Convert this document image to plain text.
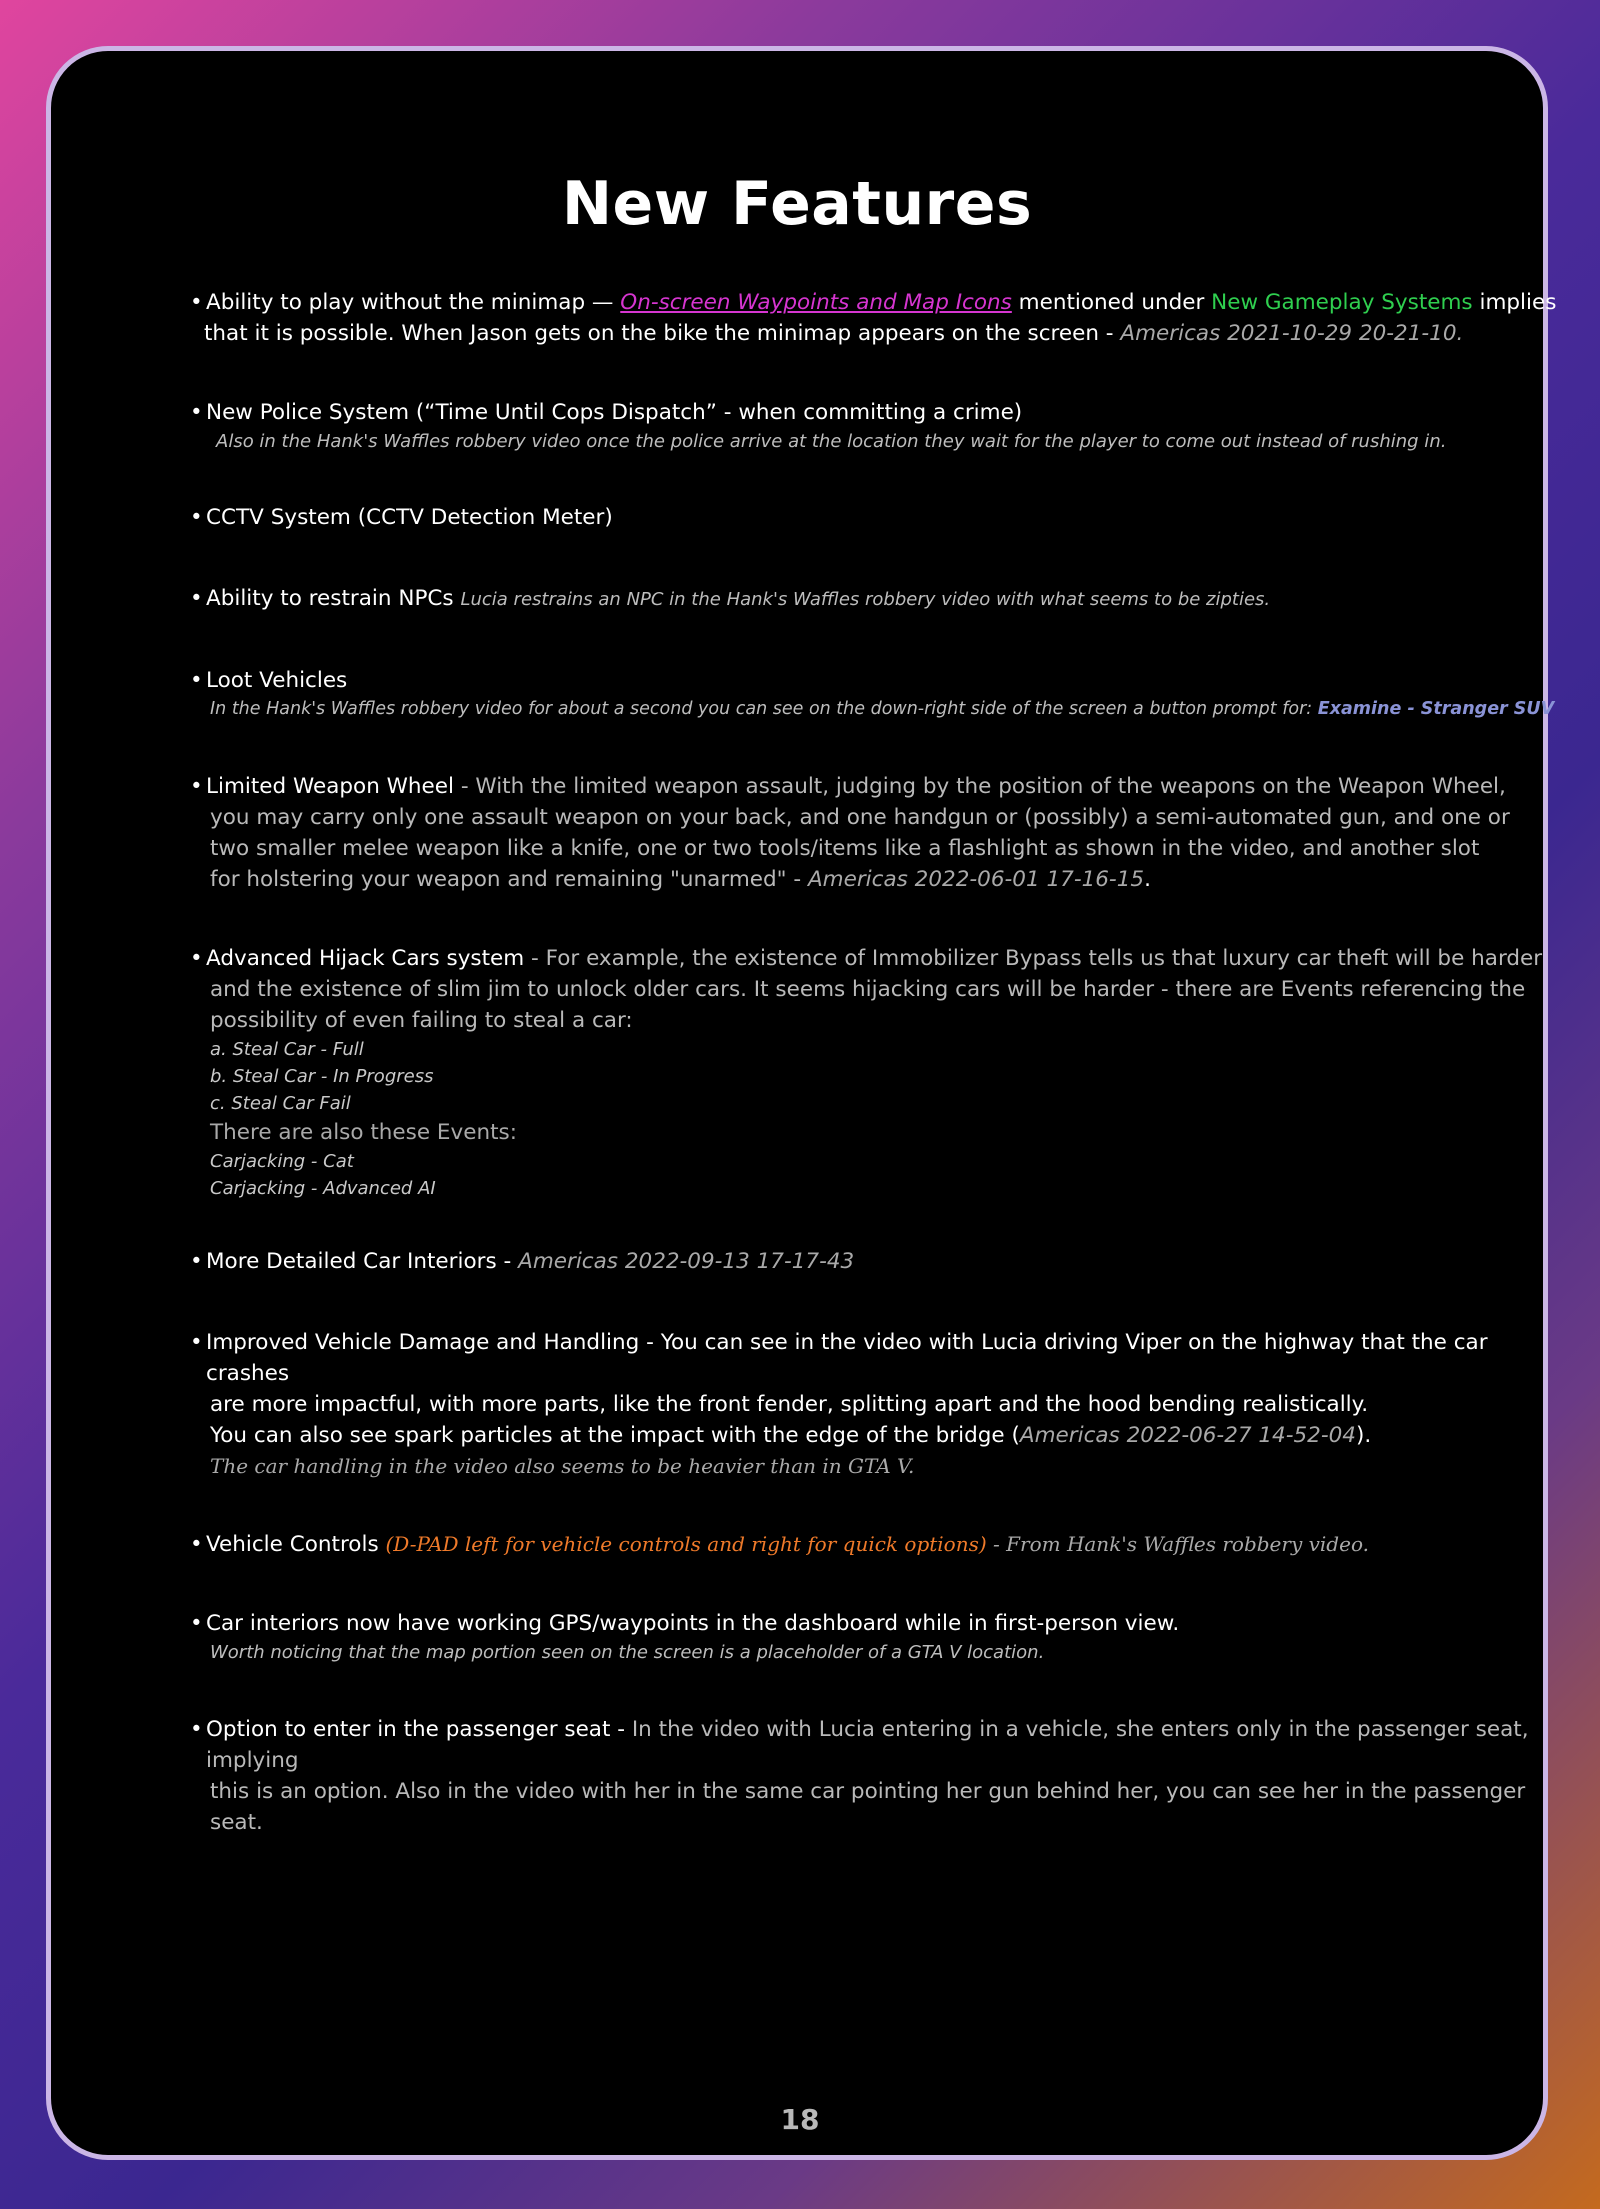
New Features
• Ability to play without the minimap — On-screen Waypoints and Map Icons mentioned under New Gameplay Systems implies
that it is possible. When Jason gets on the bike the minimap appears on the screen - Americas 2021-10-29 20-21-10.
• New Police System (“Time Until Cops Dispatch” - when committing a crime)
Also in the Hank's Waffles robbery video once the police arrive at the location they wait for the player to come out instead of rushing in.
• CCTV System (CCTV Detection Meter)
• Ability to restrain NPCs Lucia restrains an NPC in the Hank's Waffles robbery video with what seems to be zipties.
• Loot Vehicles
In the Hank's Waffles robbery video for about a second you can see on the down-right side of the screen a button prompt for: Examine - Stranger SUV
• Limited Weapon Wheel - With the limited weapon assault, judging by the position of the weapons on the Weapon Wheel,
you may carry only one assault weapon on your back, and one handgun or (possibly) a semi-automated gun, and one or
two smaller melee weapon like a knife, one or two tools/items like a flashlight as shown in the video, and another slot
for holstering your weapon and remaining "unarmed" - Americas 2022-06-01 17-16-15.
• Advanced Hijack Cars system - For example, the existence of Immobilizer Bypass tells us that luxury car theft will be harder
and the existence of slim jim to unlock older cars. It seems hijacking cars will be harder - there are Events referencing the
possibility of even failing to steal a car:
a. Steal Car - Full
b. Steal Car - In Progress
c. Steal Car Fail
There are also these Events:
Carjacking - Cat
Carjacking - Advanced AI
• More Detailed Car Interiors - Americas 2022-09-13 17-17-43
• Improved Vehicle Damage and Handling - You can see in the video with Lucia driving Viper on the highway that the car crashes
are more impactful, with more parts, like the front fender, splitting apart and the hood bending realistically.
You can also see spark particles at the impact with the edge of the bridge (Americas 2022-06-27 14-52-04).
The car handling in the video also seems to be heavier than in GTA V.
• Vehicle Controls (D-PAD left for vehicle controls and right for quick options) - From Hank's Waffles robbery video.
• Car interiors now have working GPS/waypoints in the dashboard while in first-person view.
Worth noticing that the map portion seen on the screen is a placeholder of a GTA V location.
• Option to enter in the passenger seat - In the video with Lucia entering in a vehicle, she enters only in the passenger seat, implying
this is an option. Also in the video with her in the same car pointing her gun behind her, you can see her in the passenger seat.
18
